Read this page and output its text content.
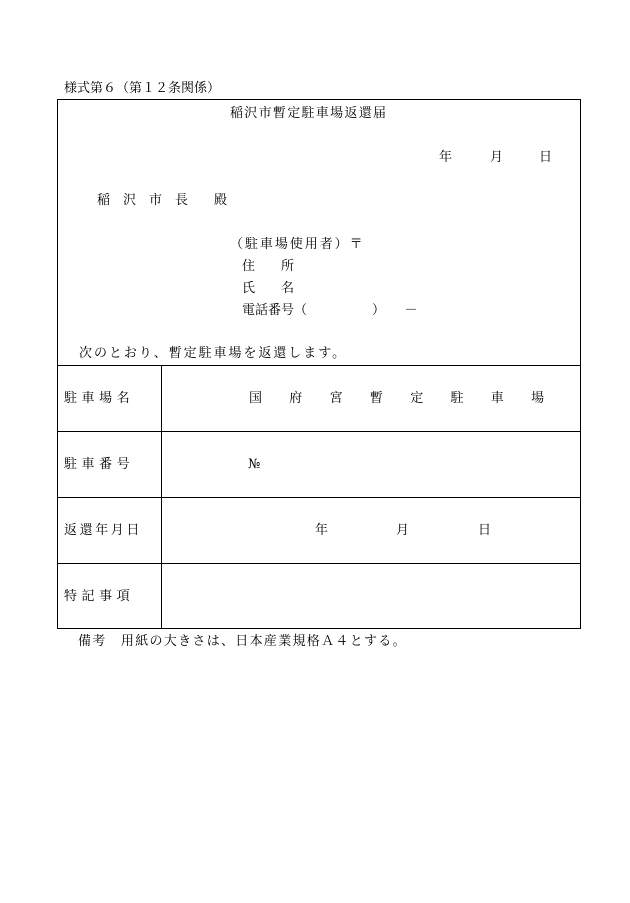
様式第６（第１２条関係）
稲沢市暫定駐車場返還届
年	月	日
稲　沢　市　長　　殿
（駐車場使用者）〒
住　　所
氏　　名
電話番号（　　　　　）　　－
次のとおり、暫定駐車場を返還します。
駐車場名	国府宮暫定駐車場
駐車番号	№
返還年月日	年	月	日
特記事項
備考　用紙の大きさは、日本産業規格Ａ４とする。
